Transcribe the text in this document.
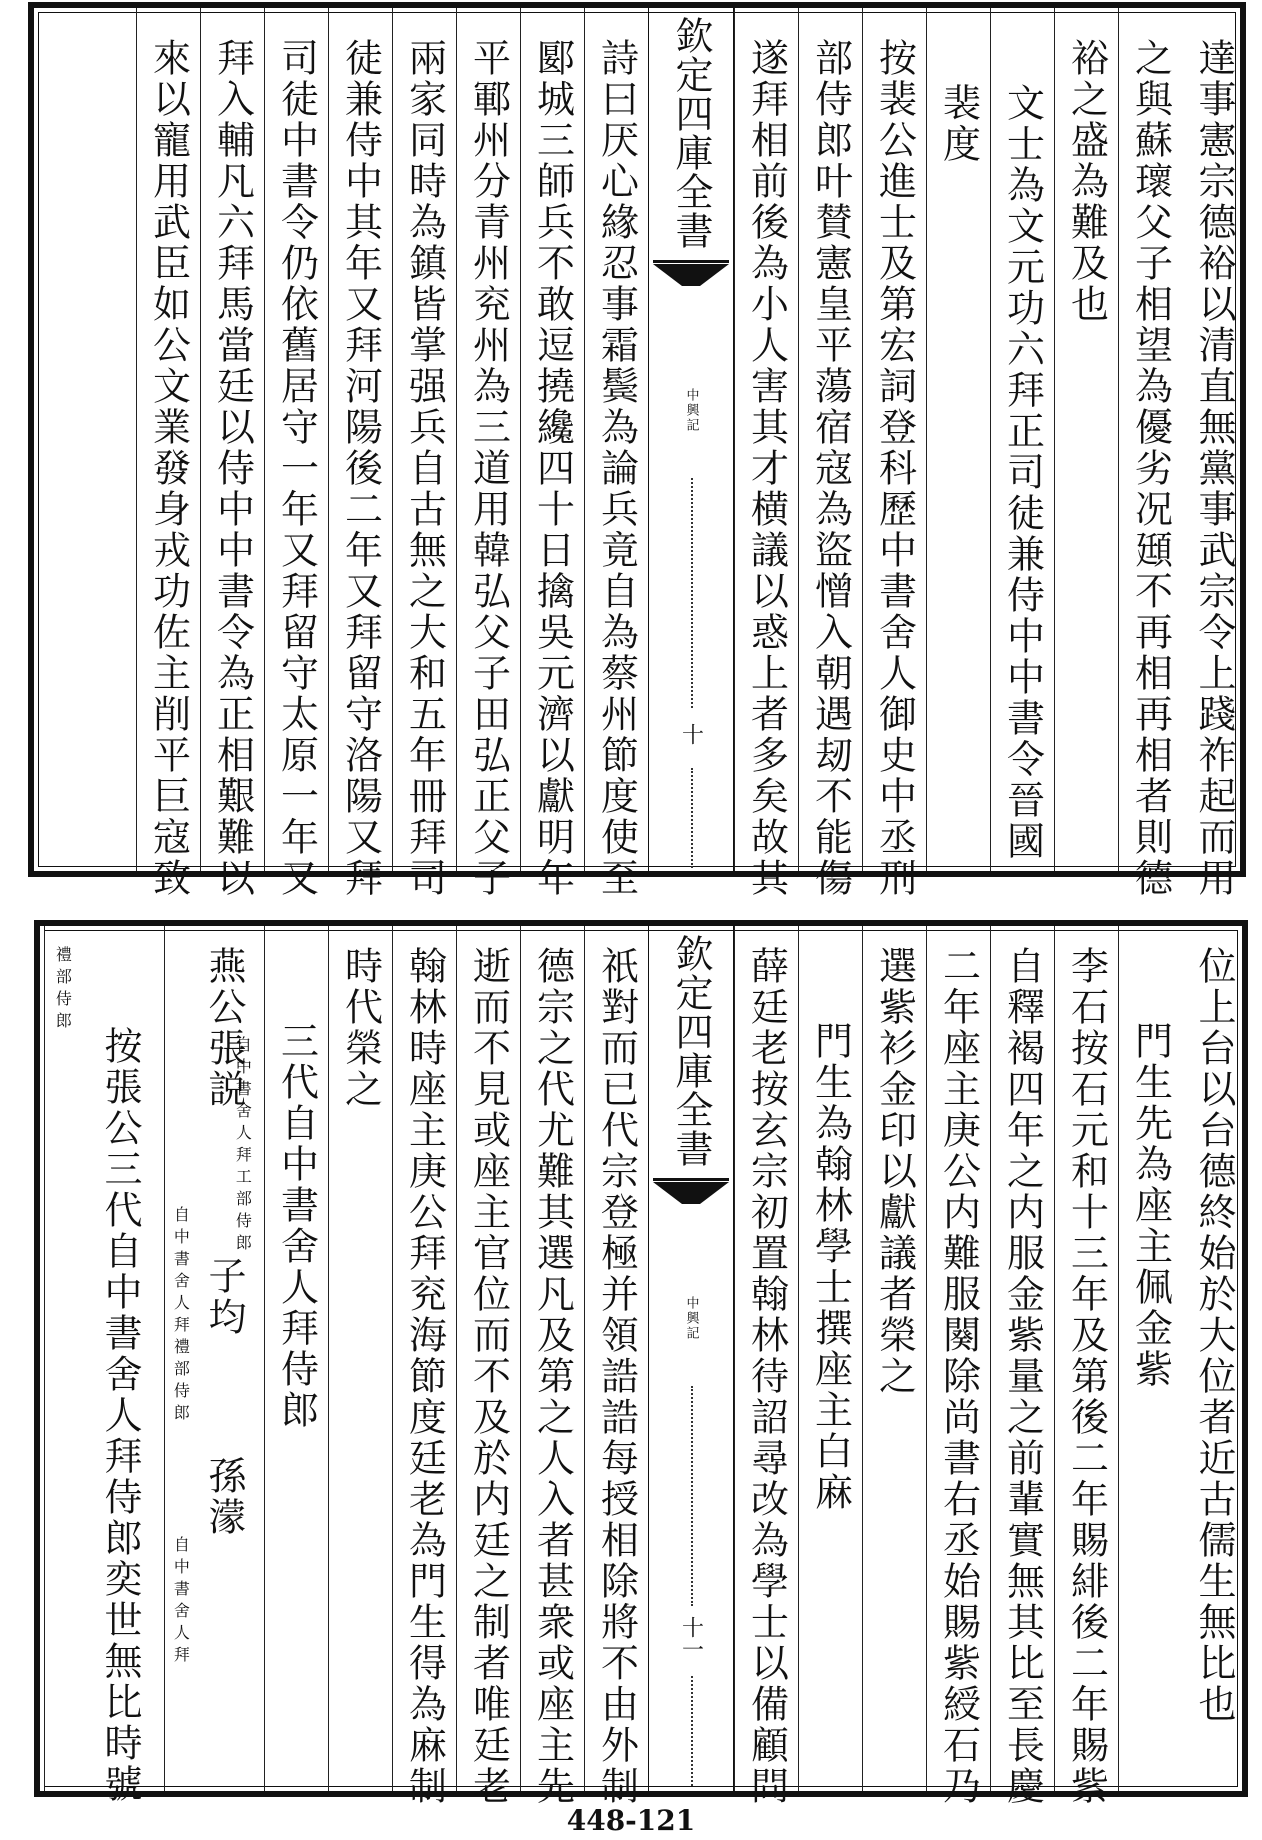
達事憲宗德裕以清直無黨事武宗令上踐祚起而用
之與蘇瓌父子相望為優劣况頲不再相再相者則德
裕之盛為難及也
文士為文元功六拜正司徒兼侍中中書令晉國
裴度
按裴公進士及第宏詞登科歷中書舍人御史中丞刑
部侍郎叶賛憲皇平蕩宿寇為盜憎入朝遇刼不能傷
遂拜相前後為小人害其才横議以惑上者多矣故其
欽定四庫全書
中興記
十
詩曰厌心緣忍事霜鬓為論兵竟自為蔡州節度使至
郾城三師兵不敢逗撓纔四十日擒吳元濟以獻明年
平鄆州分青州兖州為三道用韓弘父子田弘正父子
兩家同時為鎮皆掌强兵自古無之大和五年冊拜司
徒兼侍中其年又拜河陽後二年又拜留守洛陽又拜
司徒中書令仍依舊居守一年又拜留守太原一年又
拜入輔凡六拜馬當廷以侍中中書令為正相艱難以
來以寵用武臣如公文業發身戎功佐主削平巨寇致
位上台以台德終始於大位者近古儒生無比也
門生先為座主佩金紫
李石按石元和十三年及第後二年賜緋後二年賜紫
自釋褐四年之内服金紫量之前輩實無其比至長慶
二年座主庚公内難服闋除尚書右丞始賜紫綬石乃
選紫衫金印以獻議者榮之
門生為翰林學士撰座主白麻
薛廷老按玄宗初置翰林待詔尋改為學士以備顧問
欽定四庫全書
中興記
十一
祇對而已代宗登極并領誥誥每授相除將不由外制
德宗之代尤難其選凡及第之人入者甚衆或座主先
逝而不見或座主官位而不及於内廷之制者唯廷老
翰林時座主庚公拜兖海節度廷老為門生得為麻制
時代榮之
三代自中書舍人拜侍郎
燕公張説
自中書舍人拜工部侍郎
子均
自中書舍人拜禮部侍郎
孫濛
自中書舍人拜
禮部侍郎
按張公三代自中書舍人拜侍郎奕世無比時號
448-121
